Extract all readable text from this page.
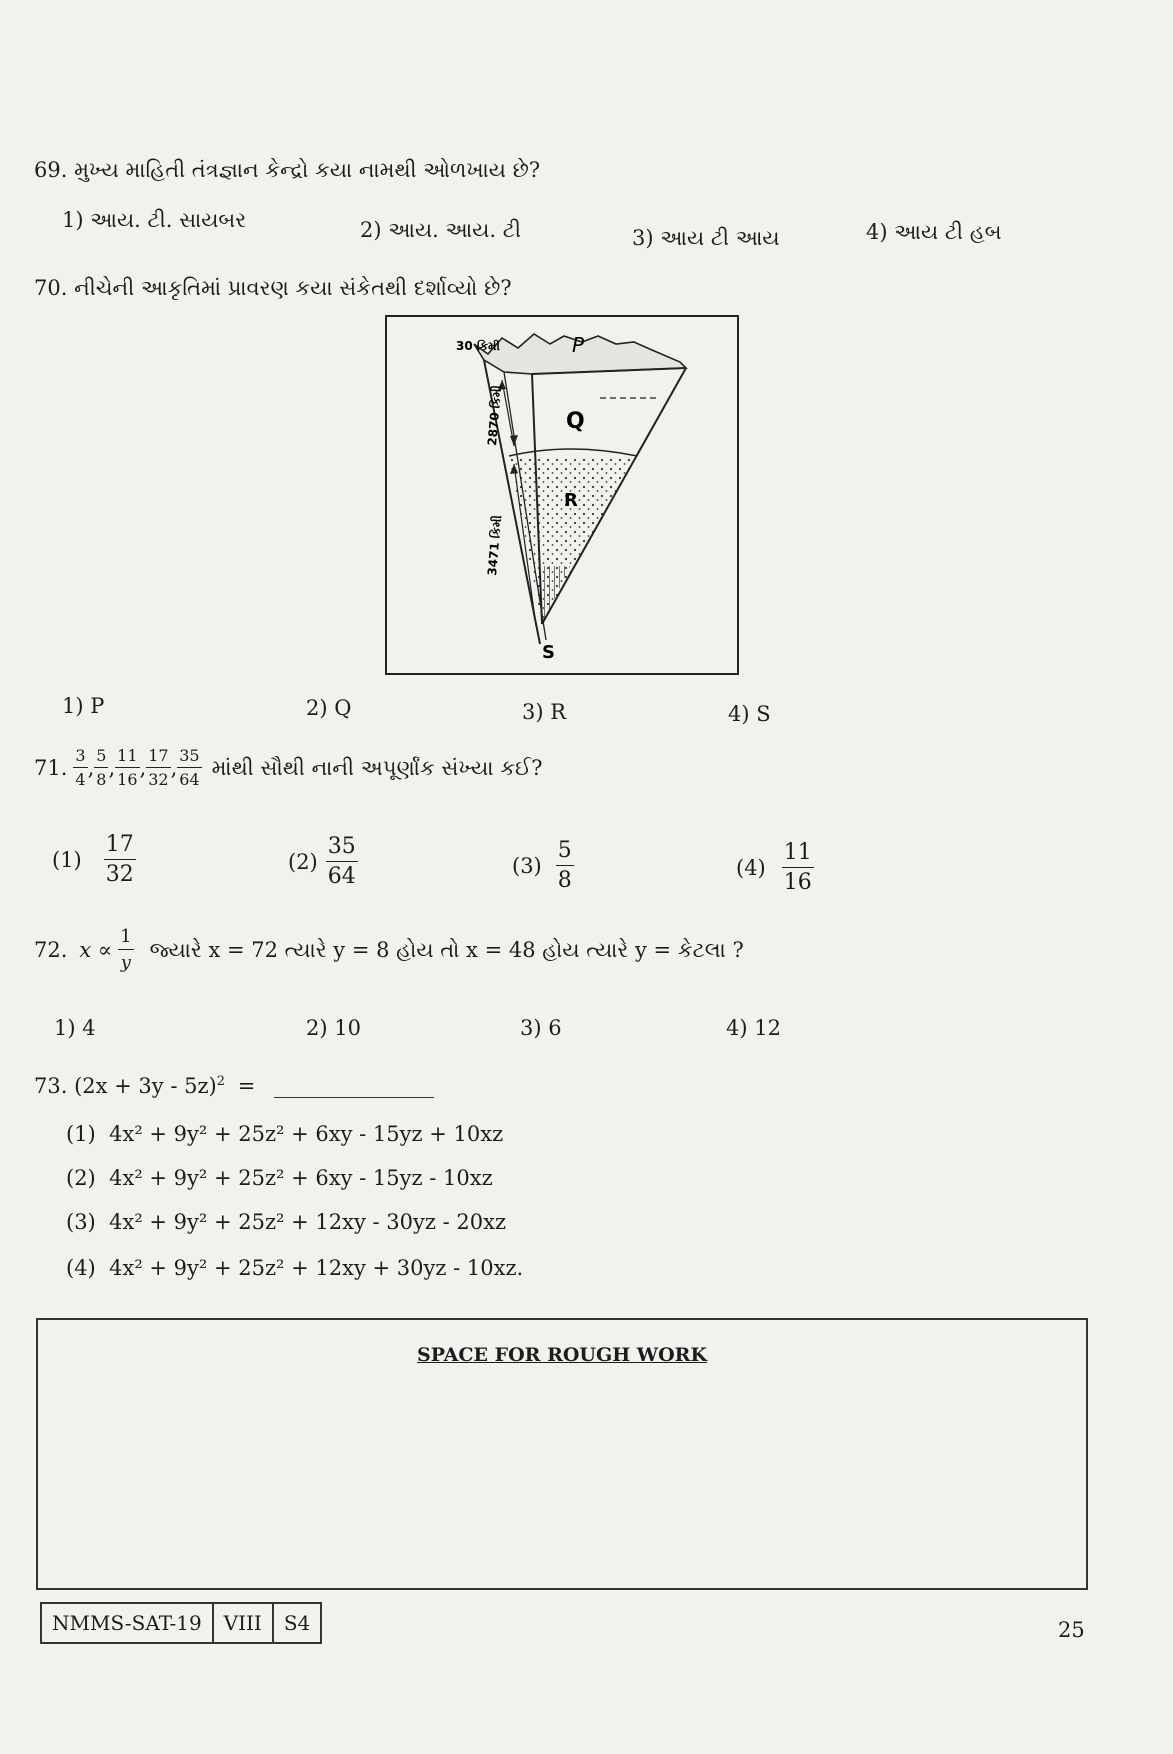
69. મુખ્ય માહિતી તંત્રજ્ઞાન કેન્દ્રો કયા નામથી ઓળખાય છે?
1) આય. ટી. સાયબર	2) આય. આય. ટી	3) આય ટી આય	4) આય ટી હબ
70. નીચેની આકૃતિમાં પ્રાવરણ કયા સંકેતથી દર્શાવ્યો છે?
P
Q
R
S
30 કિમી
2870 કિમી
3471 કિમી
1) P	2) Q	3) R	4) S
71. $\frac{3}{4}$ , $\frac{5}{8}$ , $\frac{11}{16}$ , $\frac{17}{32}$ , $\frac{35}{64}$ માંથી સૌથી નાની અપૂર્ણાંક સંખ્યા કઈ?
$(1) \frac{17}{32}$	$(2) \frac{35}{64}$	$(3) \frac{5}{8}$	$(4) \frac{11}{16}$
72. $x \propto \frac{1}{y}$ જ્યારે x = 72 ત્યારે y = 8 હોય તો x = 48 હોય ત્યારે y = કેટલા ?
1) 4	2) 10	3) 6	4) 12
73. $(2x + 3y - 5z)^2$ =
(1) 4x² + 9y² + 25z² + 6xy - 15yz + 10xz
(2) 4x² + 9y² + 25z² + 6xy - 15yz - 10xz
(3) 4x² + 9y² + 25z² + 12xy - 30yz - 20xz
(4) 4x² + 9y² + 25z² + 12xy + 30yz - 10xz.
SPACE FOR ROUGH WORK
NMMS-SAT-19	VIII	S4	25
